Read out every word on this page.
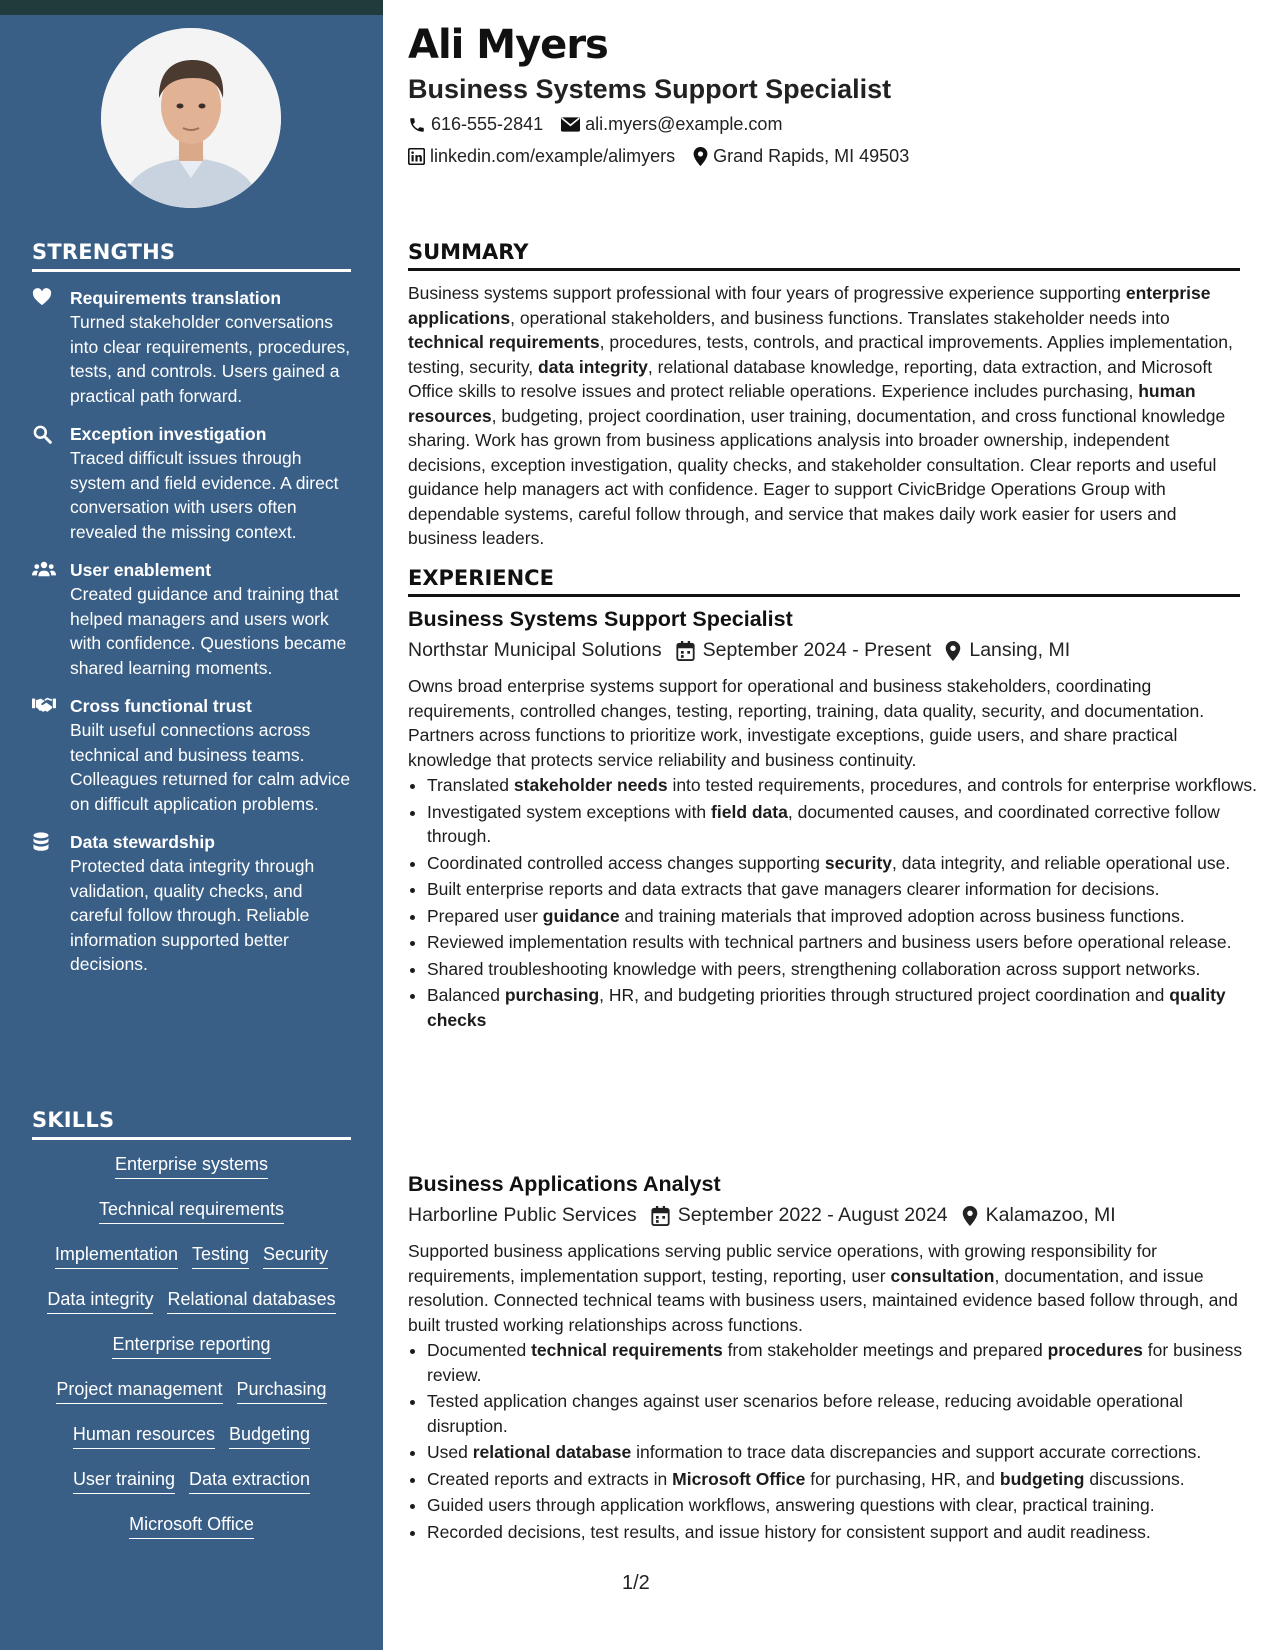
STRENGTHS
Requirements translation
Turned stakeholder conversations into clear requirements, procedures, tests, and controls. Users gained a practical path forward.
Exception investigation
Traced difficult issues through system and field evidence. A direct conversation with users often revealed the missing context.
User enablement
Created guidance and training that helped managers and users work with confidence. Questions became shared learning moments.
Cross functional trust
Built useful connections across technical and business teams. Colleagues returned for calm advice on difficult application problems.
Data stewardship
Protected data integrity through validation, quality checks, and careful follow through. Reliable information supported better decisions.
SKILLS
Enterprise systems
Technical requirements
Implementation Testing Security
Data integrity Relational databases
Enterprise reporting
Project management Purchasing
Human resources Budgeting
User training Data extraction
Microsoft Office
Ali Myers
Business Systems Support Specialist
616-555-2841 ali.myers@example.com
linkedin.com/example/alimyers Grand Rapids, MI 49503
SUMMARY

Business systems support professional with four years of progressive experience supporting enterprise applications, operational stakeholders, and business functions. Translates stakeholder needs into technical requirements, procedures, tests, controls, and practical improvements. Applies implementation, testing, security, data integrity, relational database knowledge, reporting, data extraction, and Microsoft Office skills to resolve issues and protect reliable operations. Experience includes purchasing, human resources, budgeting, project coordination, user training, documentation, and cross functional knowledge sharing. Work has grown from business applications analysis into broader ownership, independent decisions, exception investigation, quality checks, and stakeholder consultation. Clear reports and useful guidance help managers act with confidence. Eager to support CivicBridge Operations Group with dependable systems, careful follow through, and service that makes daily work easier for users and business leaders.

EXPERIENCE
Business Systems Support Specialist
Northstar Municipal Solutions September 2024 - Present Lansing, MI

Owns broad enterprise systems support for operational and business stakeholders, coordinating requirements, controlled changes, testing, reporting, training, data quality, security, and documentation. Partners across functions to prioritize work, investigate exceptions, guide users, and share practical knowledge that protects service reliability and business continuity.

• Translated stakeholder needs into tested requirements, procedures, and controls for enterprise workflows.
• Investigated system exceptions with field data, documented causes, and coordinated corrective follow through.
• Coordinated controlled access changes supporting security, data integrity, and reliable operational use.
• Built enterprise reports and data extracts that gave managers clearer information for decisions.
• Prepared user guidance and training materials that improved adoption across business functions.
• Reviewed implementation results with technical partners and business users before operational release.
• Shared troubleshooting knowledge with peers, strengthening collaboration across support networks.
• Balanced purchasing, HR, and budgeting priorities through structured project coordination and quality checks
Business Applications Analyst
Harborline Public Services September 2022 - August 2024 Kalamazoo, MI

Supported business applications serving public service operations, with growing responsibility for requirements, implementation support, testing, reporting, user consultation, documentation, and issue resolution. Connected technical teams with business users, maintained evidence based follow through, and built trusted working relationships across functions.

• Documented technical requirements from stakeholder meetings and prepared procedures for business review.
• Tested application changes against user scenarios before release, reducing avoidable operational disruption.
• Used relational database information to trace data discrepancies and support accurate corrections.
• Created reports and extracts in Microsoft Office for purchasing, HR, and budgeting discussions.
• Guided users through application workflows, answering questions with clear, practical training.
• Recorded decisions, test results, and issue history for consistent support and audit readiness.
1/2
